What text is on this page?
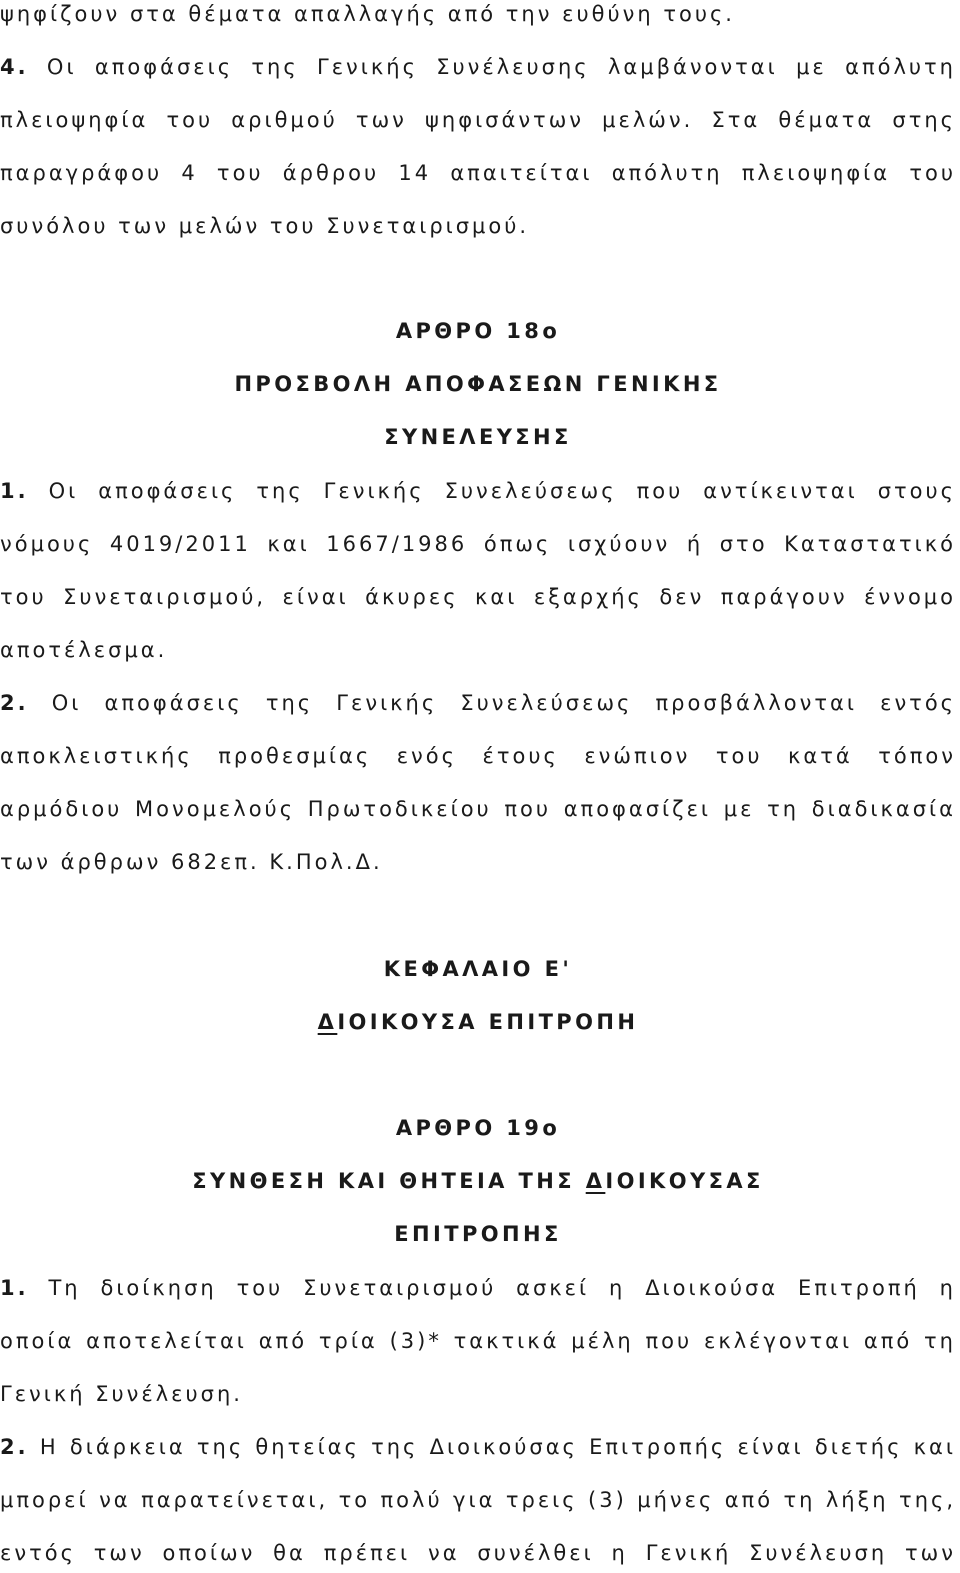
ψηφίζουν στα θέματα απαλλαγής από την ευθύνη τους.
4. Οι αποφάσεις της Γενικής Συνέλευσης λαμβάνονται με απόλυτη
πλειοψηφία του αριθμού των ψηφισάντων μελών. Στα θέματα στης
παραγράφου 4 του άρθρου 14 απαιτείται απόλυτη πλειοψηφία του
συνόλου των μελών του Συνεταιρισμού.
ΑΡΘΡΟ 18ο
ΠΡΟΣΒΟΛΗ ΑΠΟΦΑΣΕΩΝ ΓΕΝΙΚΗΣ
ΣΥΝΕΛΕΥΣΗΣ
1. Οι αποφάσεις της Γενικής Συνελεύσεως που αντίκεινται στους
νόμους 4019/2011 και 1667/1986 όπως ισχύουν ή στο Καταστατικό
του Συνεταιρισμού, είναι άκυρες και εξαρχής δεν παράγουν έννομο
αποτέλεσμα.
2. Οι αποφάσεις της Γενικής Συνελεύσεως προσβάλλονται εντός
αποκλειστικής προθεσμίας ενός έτους ενώπιον του κατά τόπον
αρμόδιου Μονομελούς Πρωτοδικείου που αποφασίζει με τη διαδικασία
των άρθρων 682επ. Κ.Πολ.Δ.
ΚΕΦΑΛΑΙΟ Ε'
ΔΙΟΙΚΟΥΣΑ ΕΠΙΤΡΟΠΗ
ΑΡΘΡΟ 19ο
ΣΥΝΘΕΣΗ ΚΑΙ ΘΗΤΕΙΑ ΤΗΣ ΔΙΟΙΚΟΥΣΑΣ
ΕΠΙΤΡΟΠΗΣ
1. Τη διοίκηση του Συνεταιρισμού ασκεί η Διοικούσα Επιτροπή η
οποία αποτελείται από τρία (3)* τακτικά μέλη που εκλέγονται από τη
Γενική Συνέλευση.
2. Η διάρκεια της θητείας της Διοικούσας Επιτροπής είναι διετής και
μπορεί να παρατείνεται, το πολύ για τρεις (3) μήνες από τη λήξη της,
εντός των οποίων θα πρέπει να συνέλθει η Γενική Συνέλευση των
